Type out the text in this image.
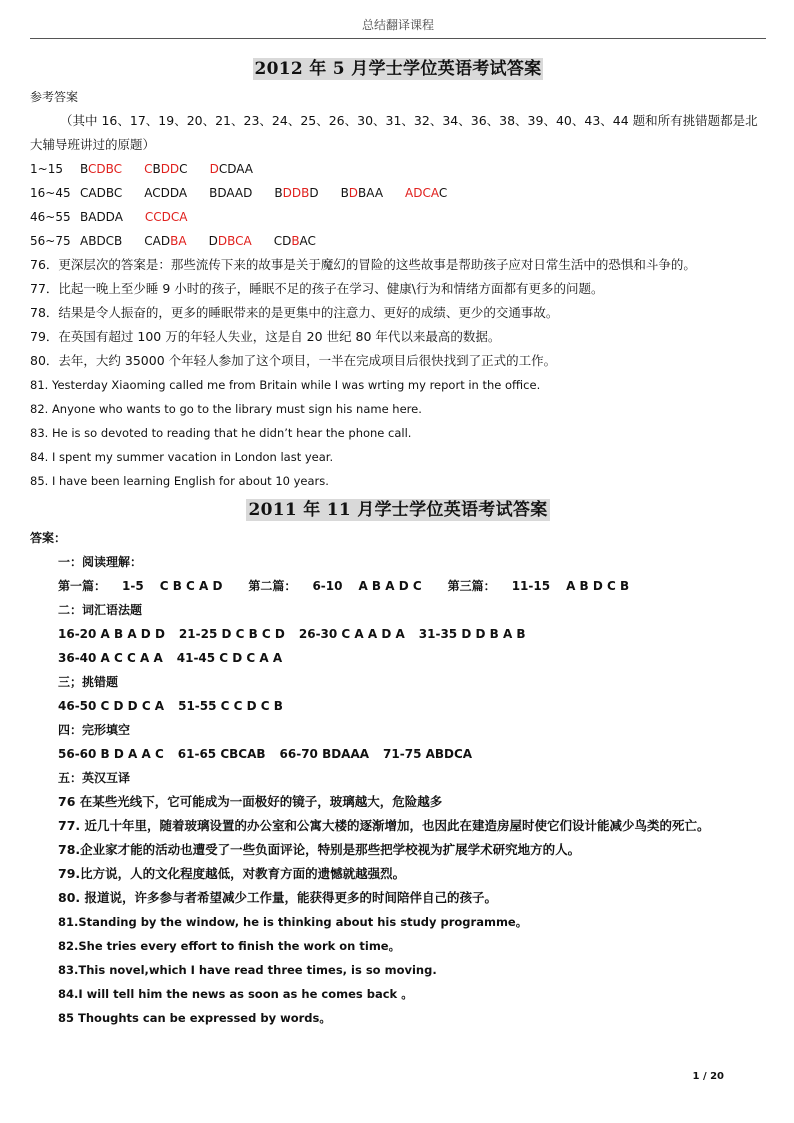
总结翻译课程
2012 年 5 月学士学位英语考试答案
参考答案
（其中 16、17、19、20、21、23、24、25、26、30、31、32、34、36、38、39、40、43、44 题和所有挑错题都是北大辅导班讲过的原题）
1~15 BCDBC CBDDC DCDAA
16~45 CADBC ACDDA BDAAD BDDBD BDBAA ADCAC
46~55 BADDA CCDCA
56~75 ABDCB CADBA DDBCA CDBAC
76．更深层次的答案是：那些流传下来的故事是关于魔幻的冒险的这些故事是帮助孩子应对日常生活中的恐惧和斗争的。
77．比起一晚上至少睡 9 小时的孩子，睡眠不足的孩子在学习、健康\行为和情绪方面都有更多的问题。
78．结果是令人振奋的，更多的睡眠带来的是更集中的注意力、更好的成绩、更少的交通事故。
79．在英国有超过 100 万的年轻人失业，这是自 20 世纪 80 年代以来最高的数据。
80．去年，大约 35000 个年轻人参加了这个项目，一半在完成项目后很快找到了正式的工作。
81. Yesterday Xiaoming called me from Britain while I was wrting my report in the office.
82. Anyone who wants to go to the library must sign his name here.
83. He is so devoted to reading that he didn’t hear the phone call.
84. I spent my summer vacation in London last year.
85. I have been learning English for about 10 years.
2011 年 11 月学士学位英语考试答案
答案：
一：阅读理解：
第一篇： 1-5 C B C A D 第二篇： 6-10 A B A D C 第三篇： 11-15 A B D C B
二：词汇语法题
16-20 A B A D D 21-25 D C B C D 26-30 C A A D A 31-35 D D B A B
36-40 A C C A A 41-45 C D C A A
三；挑错题
46-50 C D D C A 51-55 C C D C B
四：完形填空
56-60 B D A A C 61-65 CBCAB 66-70 BDAAA 71-75 ABDCA
五：英汉互译
76 在某些光线下，它可能成为一面极好的镜子，玻璃越大，危险越多
77. 近几十年里，随着玻璃设置的办公室和公寓大楼的逐渐增加，也因此在建造房屋时使它们设计能减少鸟类的死亡。
78.企业家才能的活动也遭受了一些负面评论，特别是那些把学校视为扩展学术研究地方的人。
79.比方说，人的文化程度越低，对教育方面的遗憾就越强烈。
80. 报道说，许多参与者希望减少工作量，能获得更多的时间陪伴自己的孩子。
81.Standing by the window, he is thinking about his study programme。
82.She tries every effort to finish the work on time。
83.This novel,which I have read three times, is so moving.
84.I will tell him the news as soon as he comes back 。
85 Thoughts can be expressed by words。
1 / 20
